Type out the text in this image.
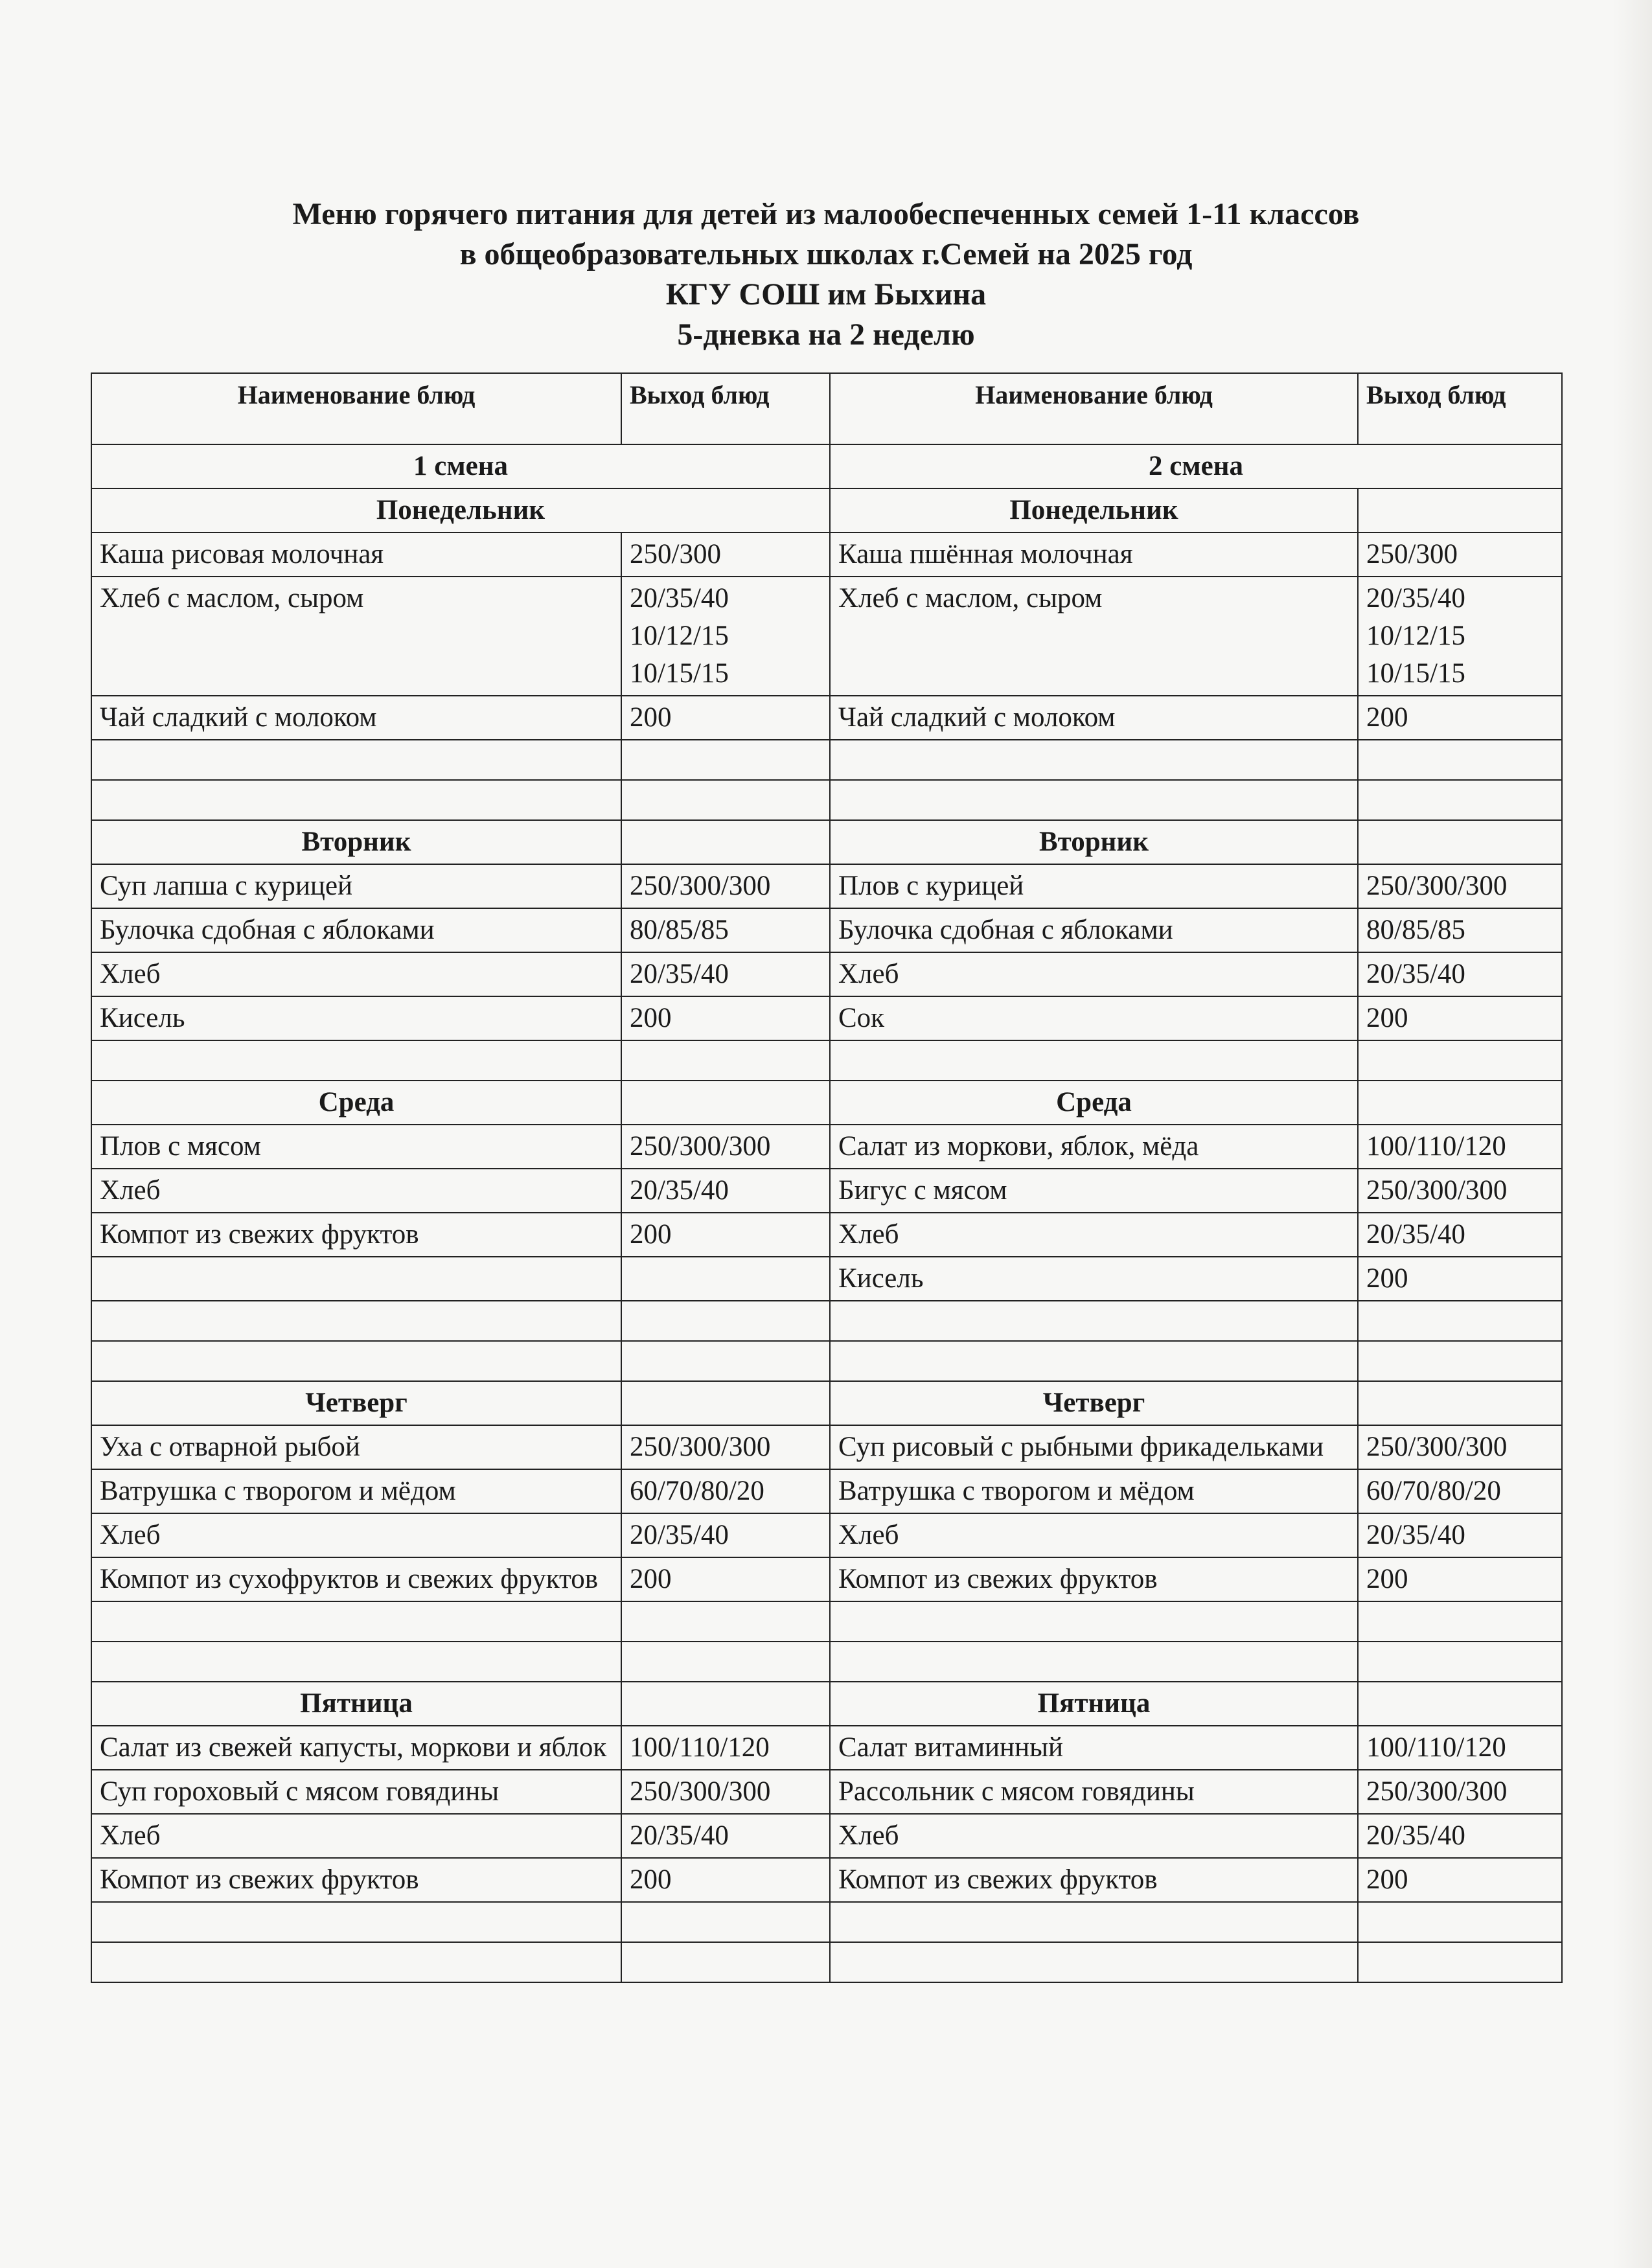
Меню горячего питания для детей из малообеспеченных семей 1-11 классов
в общеобразовательных школах г.Семей на 2025 год
КГУ СОШ им Быхина
5-дневка на 2 неделю
Наименование блюд	Выход блюд	Наименование блюд	Выход блюд
1 смена		2 смена	
Понедельник		Понедельник	
Каша рисовая молочная	250/300	Каша пшённая молочная	250/300
Хлеб с маслом, сыром	20/35/40
10/12/15
10/15/15	Хлеб с маслом, сыром	20/35/40
10/12/15
10/15/15
Чай сладкий с молоком	200	Чай сладкий с молоком	200

Вторник		Вторник	
Суп лапша с курицей	250/300/300	Плов с курицей	250/300/300
Булочка сдобная с яблоками	80/85/85	Булочка сдобная с яблоками	80/85/85
Хлеб	20/35/40	Хлеб	20/35/40
Кисель	200	Сок	200

Среда		Среда	
Плов с мясом	250/300/300	Салат из моркови, яблок, мёда	100/110/120
Хлеб	20/35/40	Бигус с мясом	250/300/300
Компот из свежих фруктов	200	Хлеб	20/35/40
		Кисель	200

Четверг		Четверг	
Уха с отварной рыбой	250/300/300	Суп рисовый с рыбными фрикадельками	250/300/300
Ватрушка с творогом и мёдом	60/70/80/20	Ватрушка с творогом и мёдом	60/70/80/20
Хлеб	20/35/40	Хлеб	20/35/40
Компот из сухофруктов и свежих фруктов	200	Компот из свежих фруктов	200

Пятница		Пятница	
Салат из свежей капусты, моркови и яблок	100/110/120	Салат витаминный	100/110/120
Суп гороховый с мясом говядины	250/300/300	Рассольник с мясом говядины	250/300/300
Хлеб	20/35/40	Хлеб	20/35/40
Компот из свежих фруктов	200	Компот из свежих фруктов	200
